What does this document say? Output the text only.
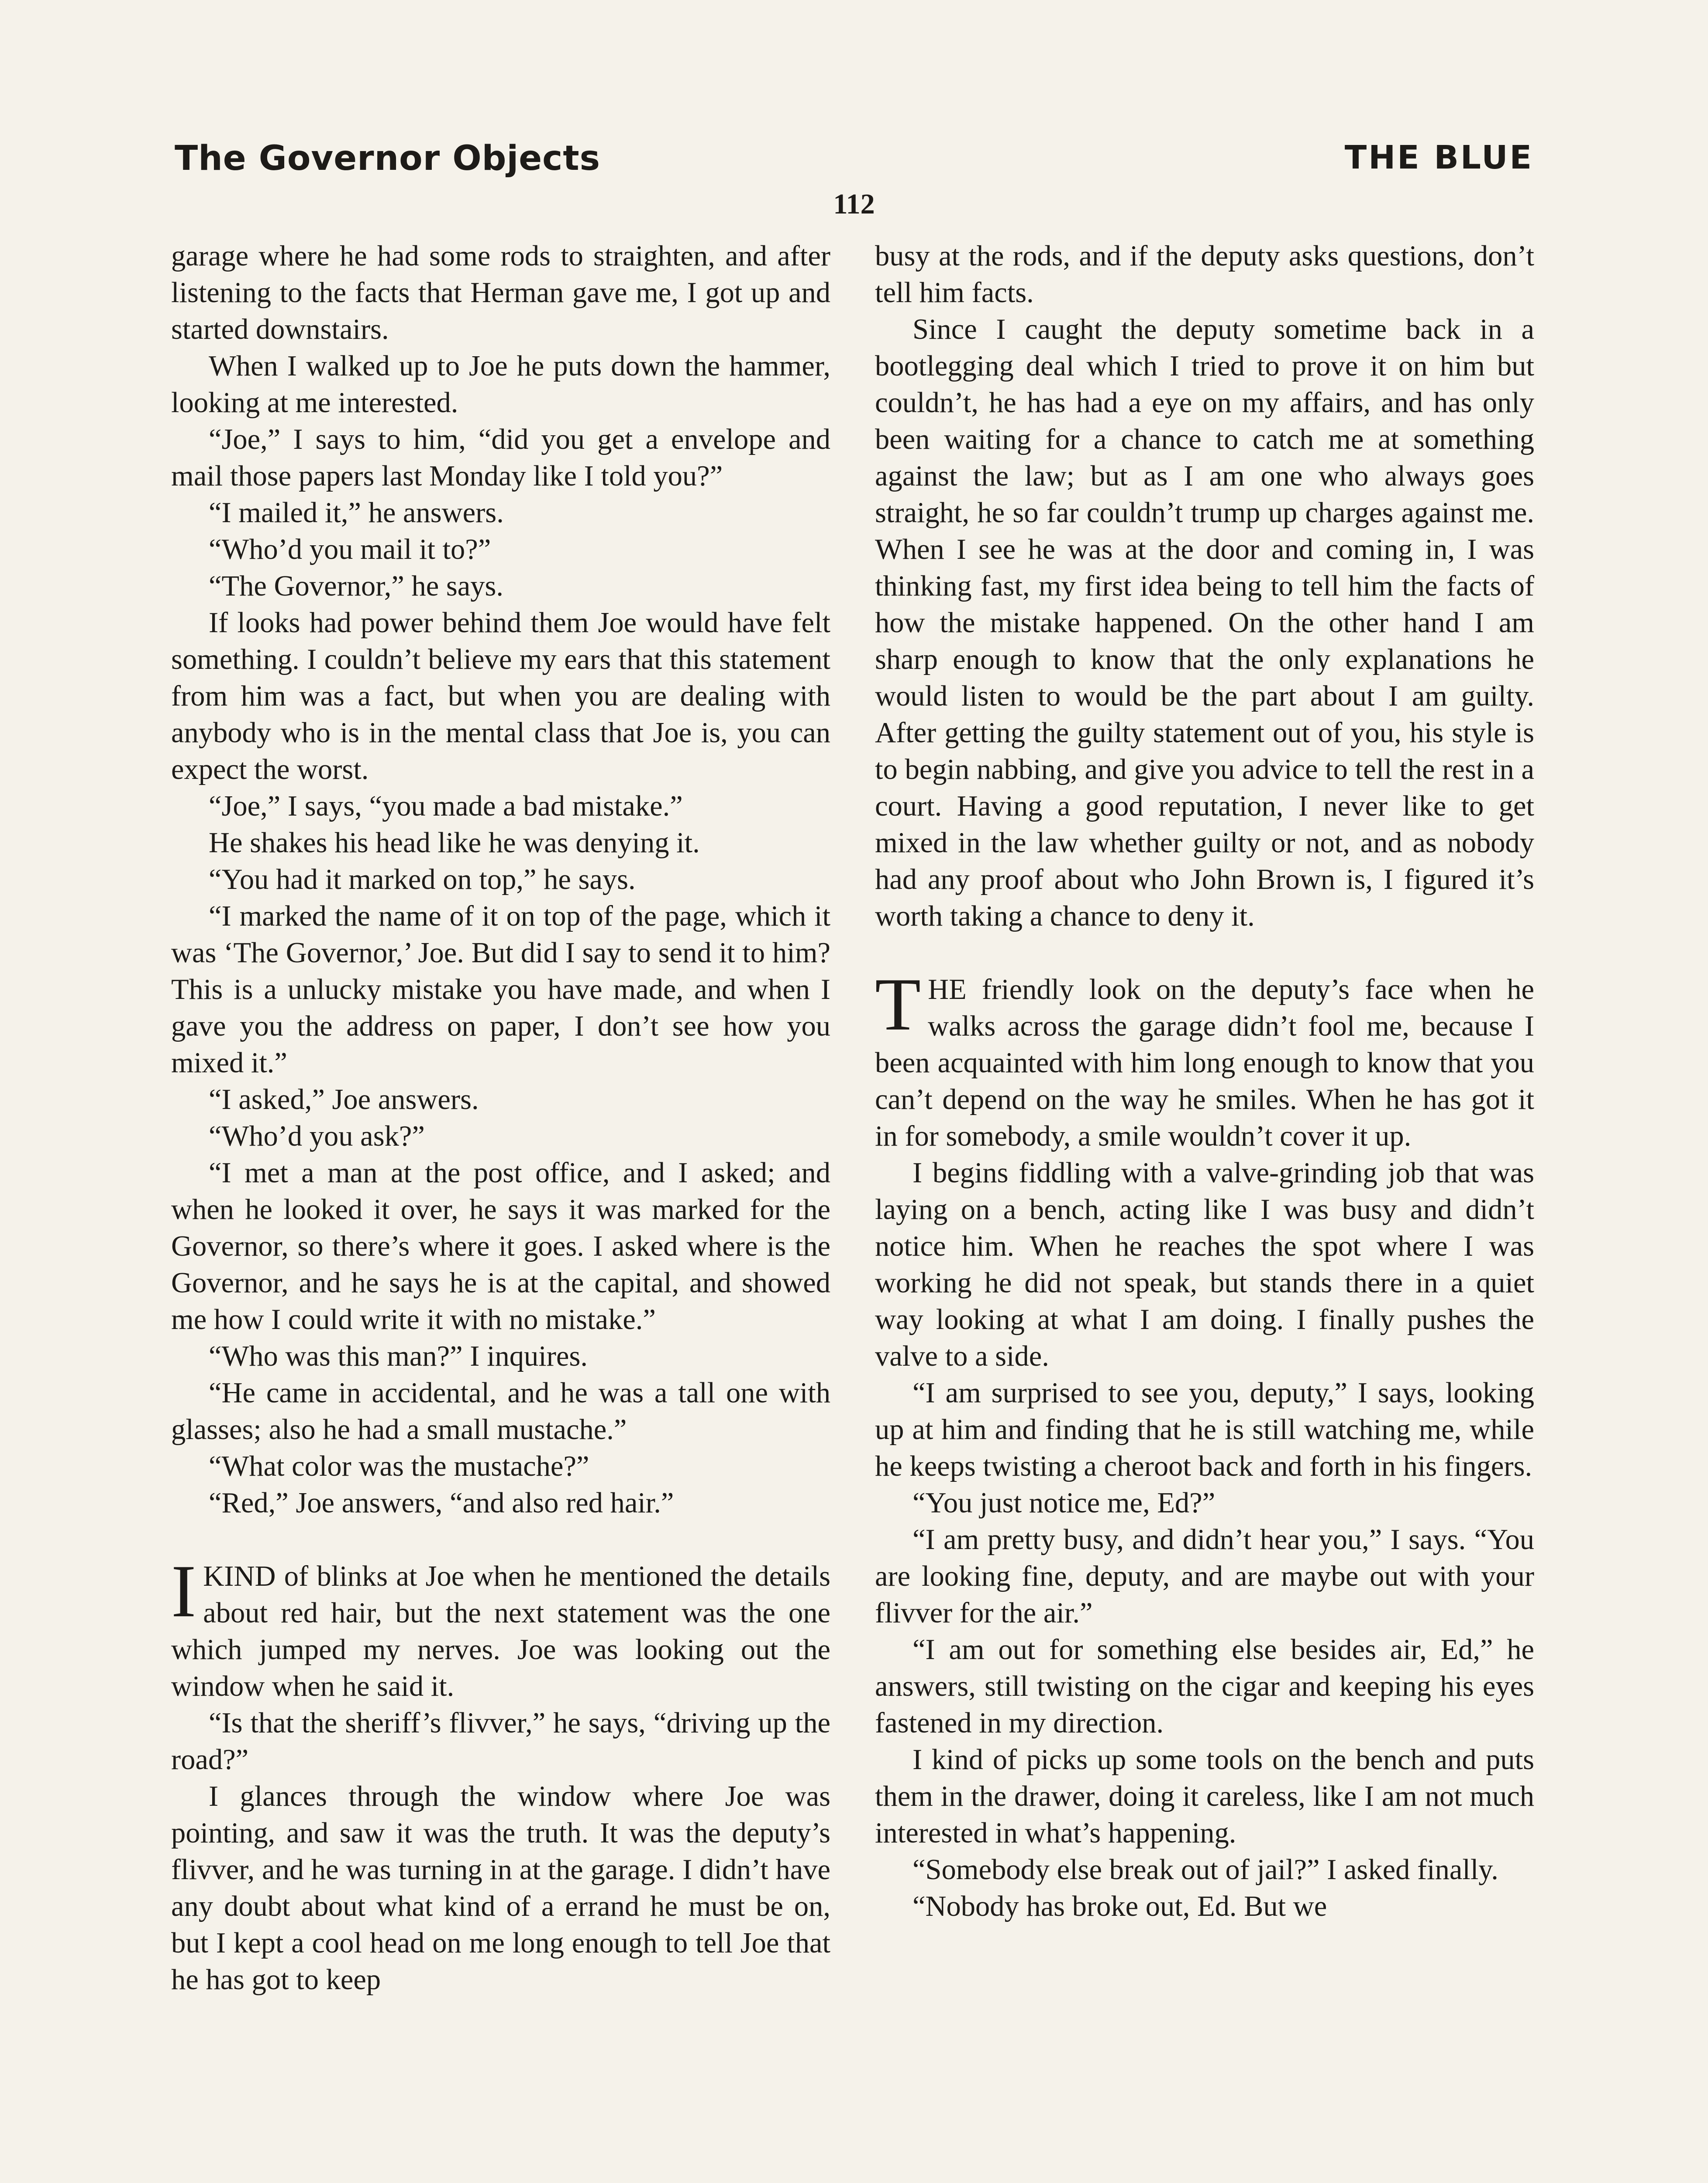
The Governor Objects	THE BLUE
112

garage where he had some rods to straighten, and after listening to the facts that Herman gave me, I got up and started downstairs.

When I walked up to Joe he puts down the hammer, looking at me interested.

“Joe,” I says to him, “did you get a envelope and mail those papers last Monday like I told you?”

“I mailed it,” he answers.

“Who’d you mail it to?”

“The Governor,” he says.

If looks had power behind them Joe would have felt something. I couldn’t believe my ears that this statement from him was a fact, but when you are dealing with anybody who is in the mental class that Joe is, you can expect the worst.

“Joe,” I says, “you made a bad mistake.”

He shakes his head like he was denying it.

“You had it marked on top,” he says.

“I marked the name of it on top of the page, which it was ‘The Governor,’ Joe. But did I say to send it to him? This is a unlucky mistake you have made, and when I gave you the address on paper, I don’t see how you mixed it.”

“I asked,” Joe answers.

“Who’d you ask?”

“I met a man at the post office, and I asked; and when he looked it over, he says it was marked for the Governor, so there’s where it goes. I asked where is the Governor, and he says he is at the capital, and showed me how I could write it with no mistake.”

“Who was this man?” I inquires.

“He came in accidental, and he was a tall one with glasses; also he had a small mustache.”

“What color was the mustache?”

“Red,” Joe answers, “and also red hair.”

I KIND of blinks at Joe when he mentioned the details about red hair, but the next statement was the one which jumped my nerves. Joe was looking out the window when he said it.

“Is that the sheriff’s flivver,” he says, “driving up the road?”

I glances through the window where Joe was pointing, and saw it was the truth. It was the deputy’s flivver, and he was turning in at the garage. I didn’t have any doubt about what kind of a errand he must be on, but I kept a cool head on me long enough to tell Joe that he has got to keep

busy at the rods, and if the deputy asks questions, don’t tell him facts.

Since I caught the deputy sometime back in a bootlegging deal which I tried to prove it on him but couldn’t, he has had a eye on my affairs, and has only been waiting for a chance to catch me at something against the law; but as I am one who always goes straight, he so far couldn’t trump up charges against me. When I see he was at the door and coming in, I was thinking fast, my first idea being to tell him the facts of how the mistake happened. On the other hand I am sharp enough to know that the only explanations he would listen to would be the part about I am guilty. After getting the guilty statement out of you, his style is to begin nabbing, and give you advice to tell the rest in a court. Having a good reputation, I never like to get mixed in the law whether guilty or not, and as nobody had any proof about who John Brown is, I figured it’s worth taking a chance to deny it.

THE friendly look on the deputy’s face when he walks across the garage didn’t fool me, because I been acquainted with him long enough to know that you can’t depend on the way he smiles. When he has got it in for somebody, a smile wouldn’t cover it up.

I begins fiddling with a valve-grinding job that was laying on a bench, acting like I was busy and didn’t notice him. When he reaches the spot where I was working he did not speak, but stands there in a quiet way looking at what I am doing. I finally pushes the valve to a side.

“I am surprised to see you, deputy,” I says, looking up at him and finding that he is still watching me, while he keeps twisting a cheroot back and forth in his fingers.

“You just notice me, Ed?”

“I am pretty busy, and didn’t hear you,” I says. “You are looking fine, deputy, and are maybe out with your flivver for the air.”

“I am out for something else besides air, Ed,” he answers, still twisting on the cigar and keeping his eyes fastened in my direction.

I kind of picks up some tools on the bench and puts them in the drawer, doing it careless, like I am not much interested in what’s happening.

“Somebody else break out of jail?” I asked finally.

“Nobody has broke out, Ed. But we
